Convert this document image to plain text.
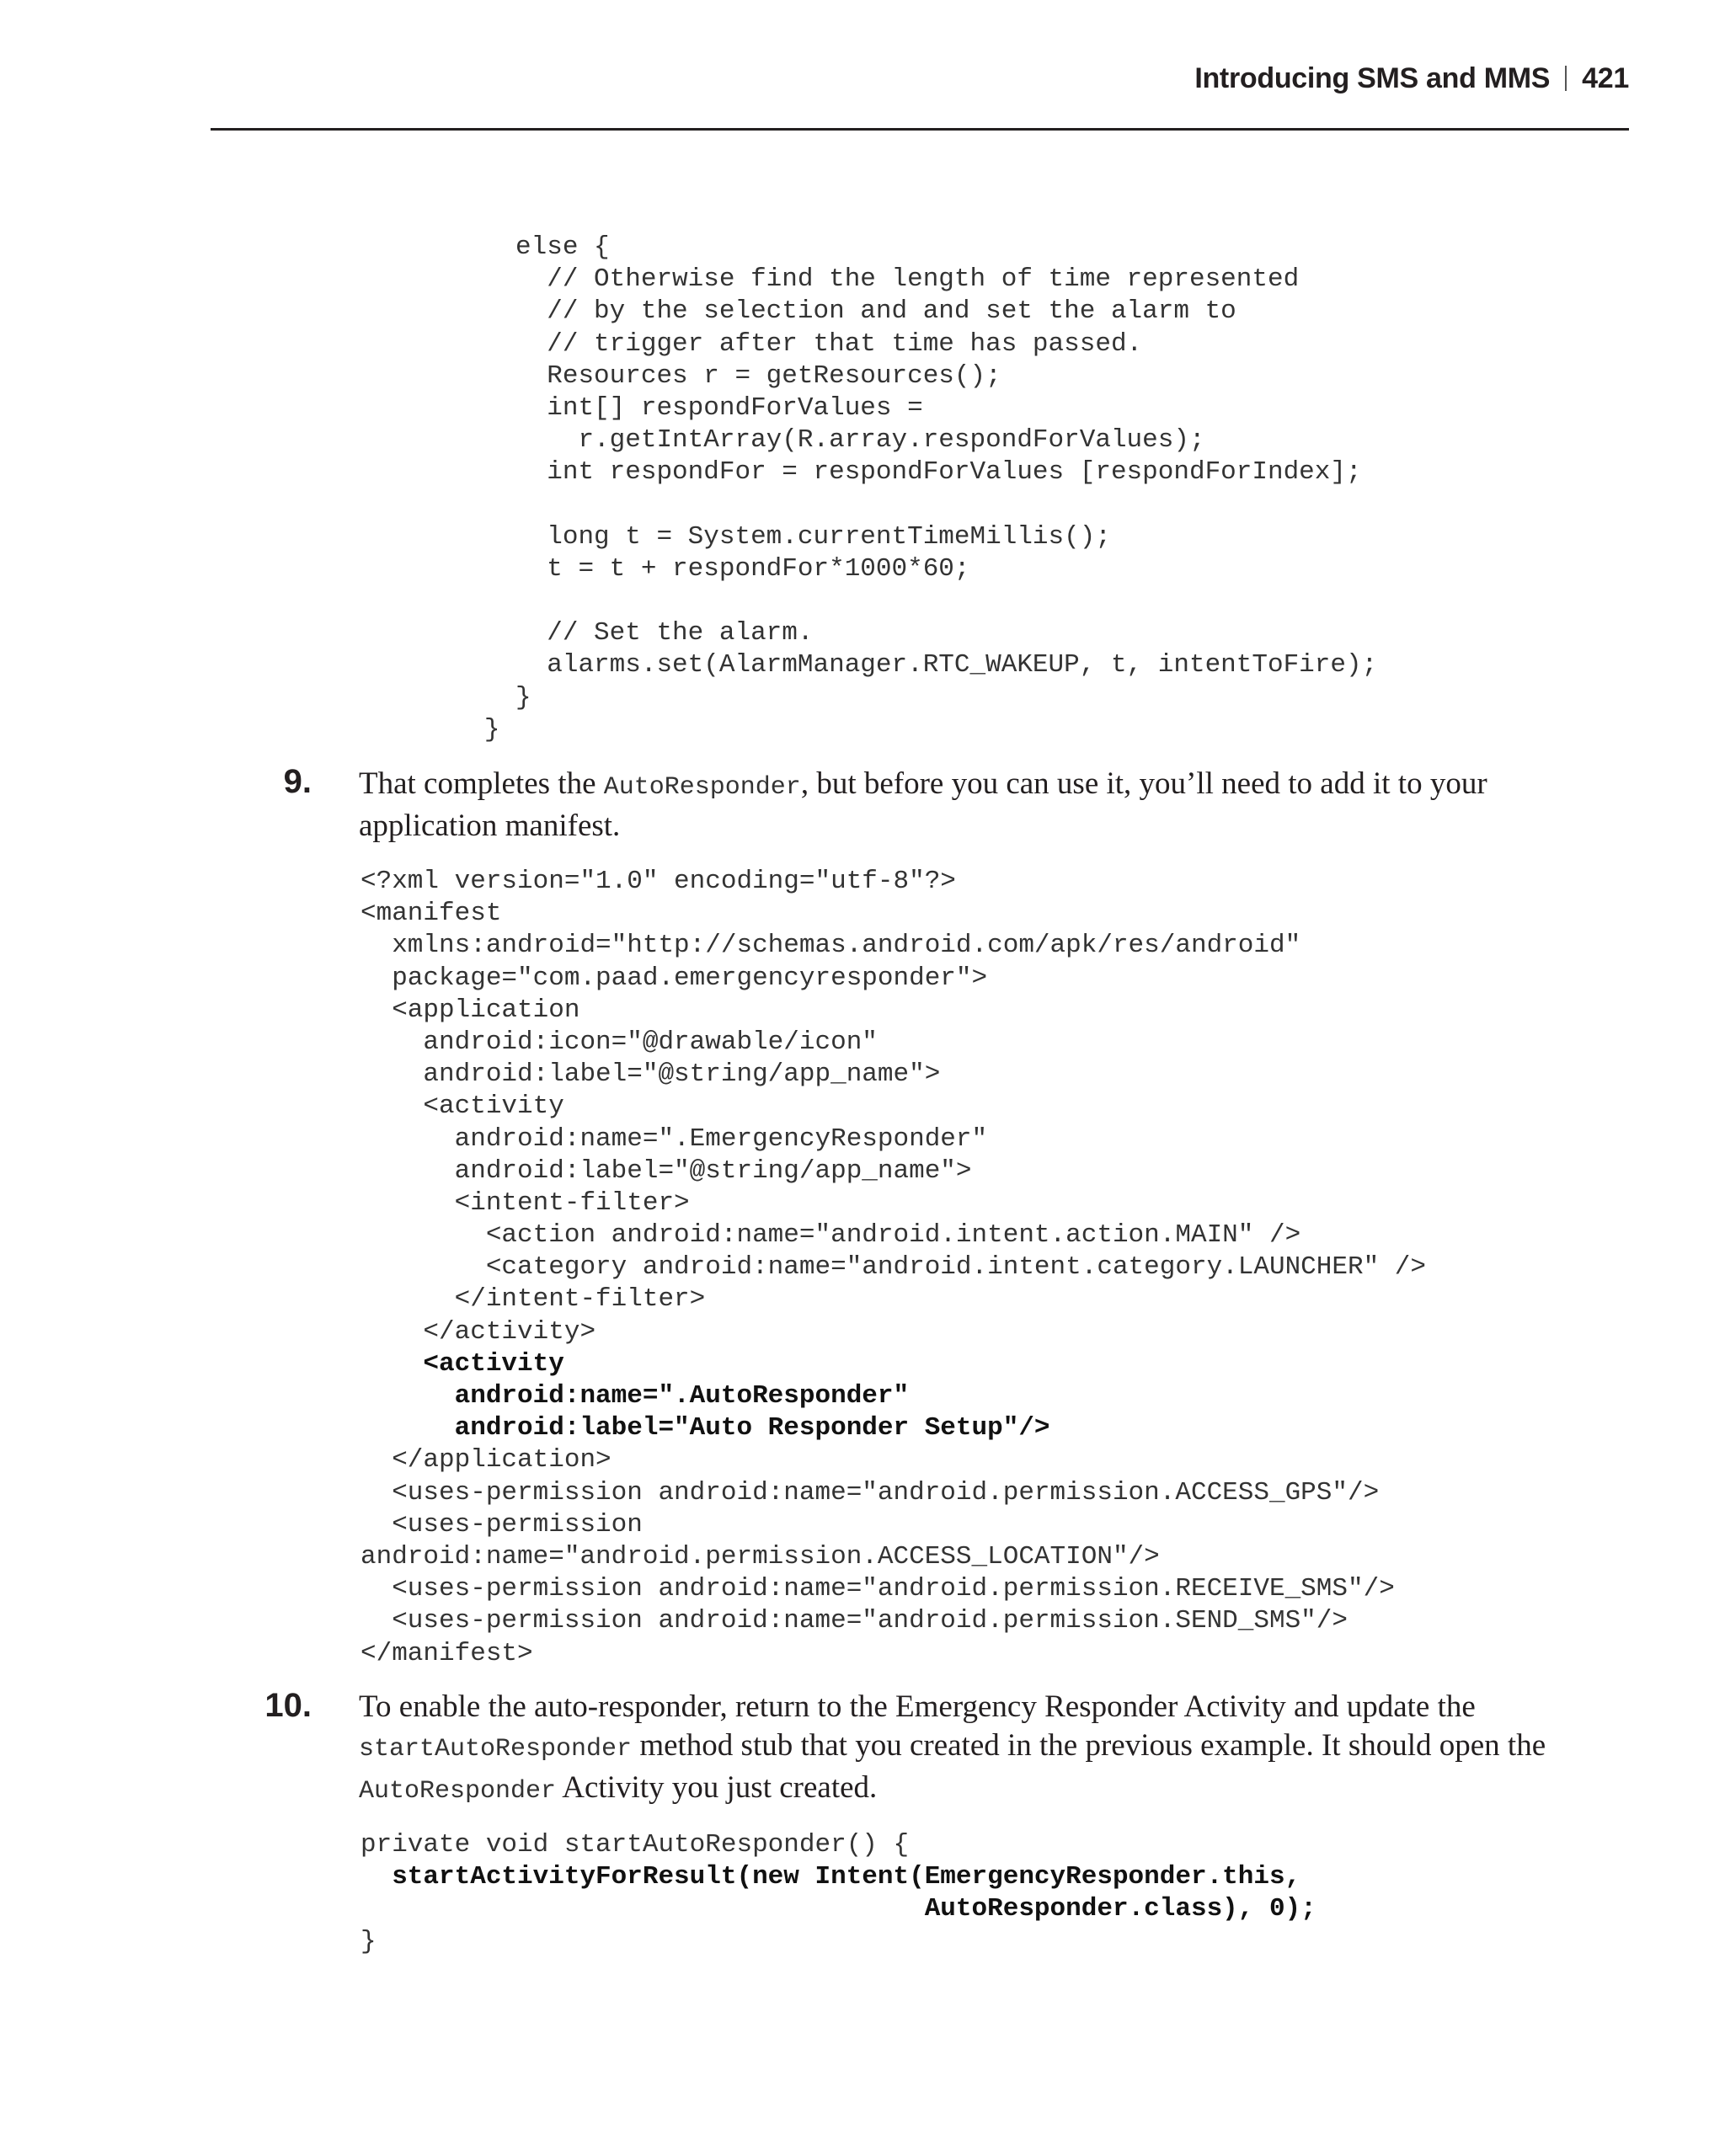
Introducing SMS and MMS 421
else {
// Otherwise find the length of time represented
// by the selection and and set the alarm to
// trigger after that time has passed.
Resources r = getResources();
int[] respondForValues =
r.getIntArray(R.array.respondForValues);
int respondFor = respondForValues [respondForIndex];
long t = System.currentTimeMillis();
t = t + respondFor*1000*60;
// Set the alarm.
alarms.set(AlarmManager.RTC_WAKEUP, t, intentToFire);
}
}
9. That completes the AutoResponder, but before you can use it, you’ll need to add it to your application manifest.
<?xml version="1.0" encoding="utf-8"?>
<manifest
xmlns:android="http://schemas.android.com/apk/res/android"
package="com.paad.emergencyresponder">
<application
android:icon="@drawable/icon"
android:label="@string/app_name">
<activity
android:name=".EmergencyResponder"
android:label="@string/app_name">
<intent-filter>
<action android:name="android.intent.action.MAIN" />
<category android:name="android.intent.category.LAUNCHER" />
</intent-filter>
</activity>
<activity
android:name=".AutoResponder"
android:label="Auto Responder Setup"/>
</application>
<uses-permission android:name="android.permission.ACCESS_GPS"/>
<uses-permission
android:name="android.permission.ACCESS_LOCATION"/>
<uses-permission android:name="android.permission.RECEIVE_SMS"/>
<uses-permission android:name="android.permission.SEND_SMS"/>
</manifest>
10. To enable the auto-responder, return to the Emergency Responder Activity and update the startAutoResponder method stub that you created in the previous example. It should open the AutoResponder Activity you just created.
private void startAutoResponder() {
startActivityForResult(new Intent(EmergencyResponder.this,
AutoResponder.class), 0);
}
